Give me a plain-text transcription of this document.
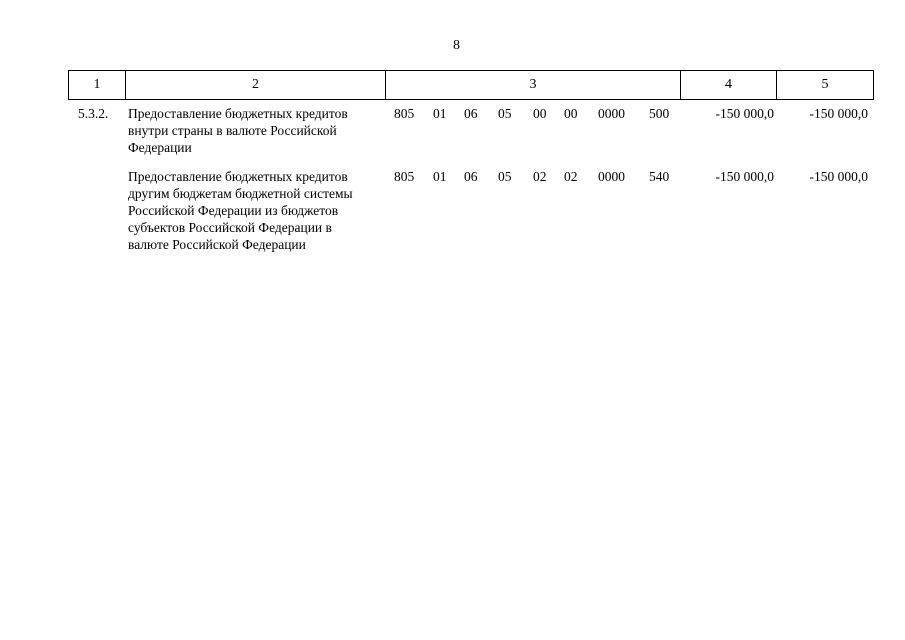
8
1	2	3	4	5
5.3.2.	Предоставление бюджетных кредитов
внутри страны в валюте Российской
Федерации
805 01 06 05 00 00 0000 500	-150 000,0	-150 000,0
Предоставление бюджетных кредитов
другим бюджетам бюджетной системы
Российской Федерации из бюджетов
субъектов Российской Федерации в
валюте Российской Федерации
805 01 06 05 02 02 0000 540	-150 000,0	-150 000,0
